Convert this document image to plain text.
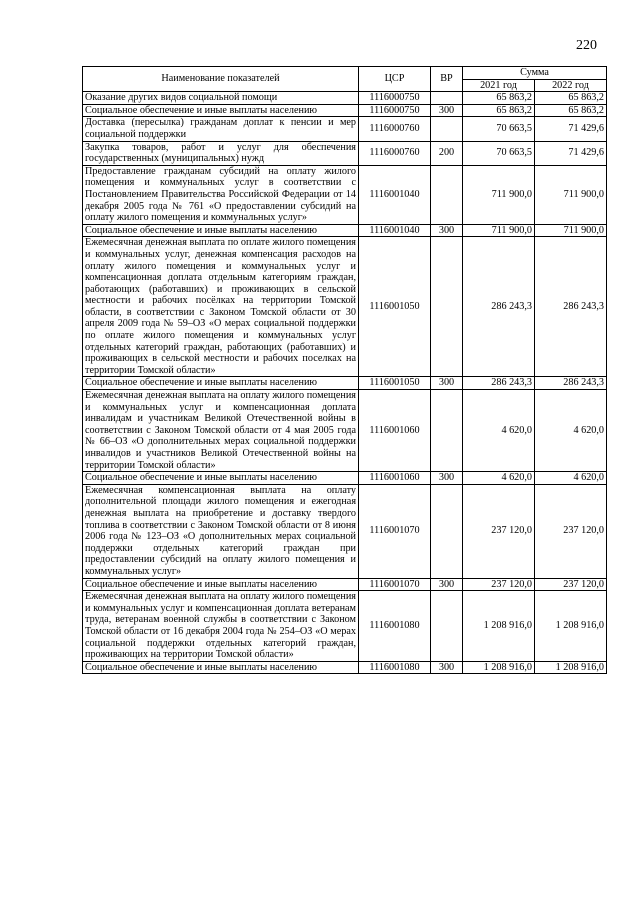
220
Наименование показателей	ЦСР	ВР	Сумма	
			2021 год	2022 год
Оказание других видов социальной помощи	1116000750		65 863,2	65 863,2
Социальное обеспечение и иные выплаты населению	1116000750	300	65 863,2	65 863,2
Доставка (пересылка) гражданам доплат к пенсии и мер социальной поддержки	1116000760		70 663,5	71 429,6
Закупка товаров, работ и услуг для обеспечения государственных (муниципальных) нужд	1116000760	200	70 663,5	71 429,6
Предоставление гражданам субсидий на оплату жилого помещения и коммунальных услуг в соответствии с Постановлением Правительства Российской Федерации от 14 декабря 2005 года № 761 «О предоставлении субсидий на оплату жилого помещения и коммунальных услуг»	1116001040		711 900,0	711 900,0
Социальное обеспечение и иные выплаты населению	1116001040	300	711 900,0	711 900,0
Ежемесячная денежная выплата по оплате жилого помещения и коммунальных услуг, денежная компенсация расходов на оплату жилого помещения и коммунальных услуг и компенсационная доплата отдельным категориям граждан, работающих (работавших) и проживающих в сельской местности и рабочих посёлках на территории Томской области, в соответствии с Законом Томской области от 30 апреля 2009 года № 59–ОЗ «О мерах социальной поддержки по оплате жилого помещения и коммунальных услуг отдельных категорий граждан, работающих (работавших) и проживающих в сельской местности и рабочих поселках на территории Томской области»	1116001050		286 243,3	286 243,3
Социальное обеспечение и иные выплаты населению	1116001050	300	286 243,3	286 243,3
Ежемесячная денежная выплата на оплату жилого помещения и коммунальных услуг и компенсационная доплата инвалидам и участникам Великой Отечественной войны в соответствии с Законом Томской области от 4 мая 2005 года № 66–ОЗ «О дополнительных мерах социальной поддержки инвалидов и участников Великой Отечественной войны на территории Томской области»	1116001060		4 620,0	4 620,0
Социальное обеспечение и иные выплаты населению	1116001060	300	4 620,0	4 620,0
Ежемесячная компенсационная выплата на оплату дополнительной площади жилого помещения и ежегодная денежная выплата на приобретение и доставку твердого топлива в соответствии с Законом Томской области от 8 июня 2006 года № 123–ОЗ «О дополнительных мерах социальной поддержки отдельных категорий граждан при предоставлении субсидий на оплату жилого помещения и коммунальных услуг»	1116001070		237 120,0	237 120,0
Социальное обеспечение и иные выплаты населению	1116001070	300	237 120,0	237 120,0
Ежемесячная денежная выплата на оплату жилого помещения и коммунальных услуг и компенсационная доплата ветеранам труда, ветеранам военной службы в соответствии с Законом Томской области от 16 декабря 2004 года № 254–ОЗ «О мерах социальной поддержки отдельных категорий граждан, проживающих на территории Томской области»	1116001080		1 208 916,0	1 208 916,0
Социальное обеспечение и иные выплаты населению	1116001080	300	1 208 916,0	1 208 916,0
